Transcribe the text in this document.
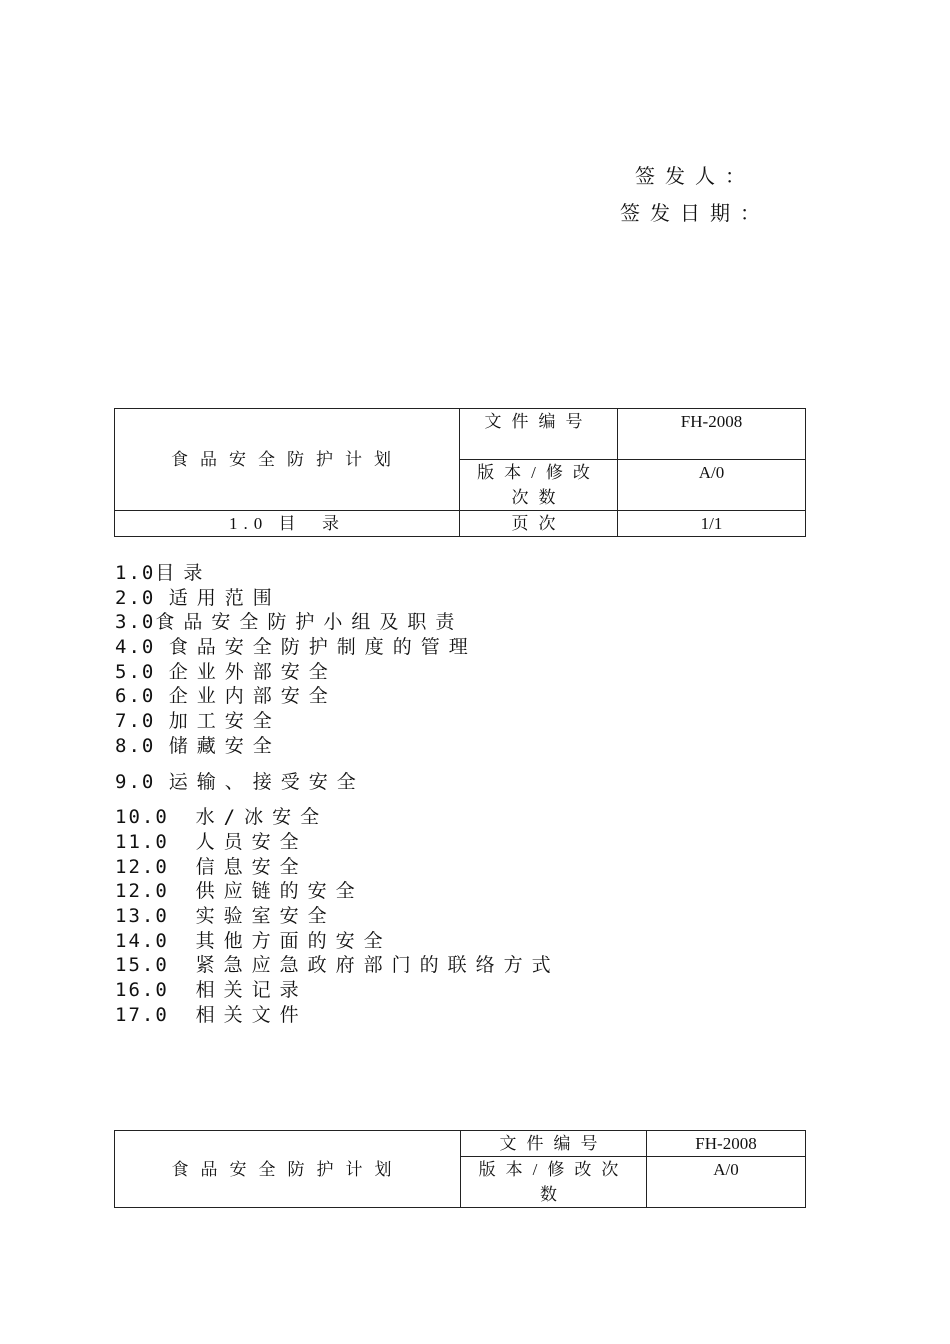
签发人：
签发日期：
食品安全防护计划	文件编号	FH-2008
	版本/修改次数	A/0
1.0 目  录	页次	1/1
1.0目录
2.0 适用范围
3.0食品安全防护小组及职责
4.0 食品安全防护制度的管理
5.0 企业外部安全
6.0 企业内部安全
7.0 加工安全
8.0 储藏安全
9.0 运输、接受安全
10.0  水/冰安全
11.0  人员安全
12.0  信息安全
12.0  供应链的安全
13.0  实验室安全
14.0  其他方面的安全
15.0  紧急应急政府部门的联络方式
16.0  相关记录
17.0  相关文件
食品安全防护计划	文件编号	FH-2008
	版本/修改次数	A/0
